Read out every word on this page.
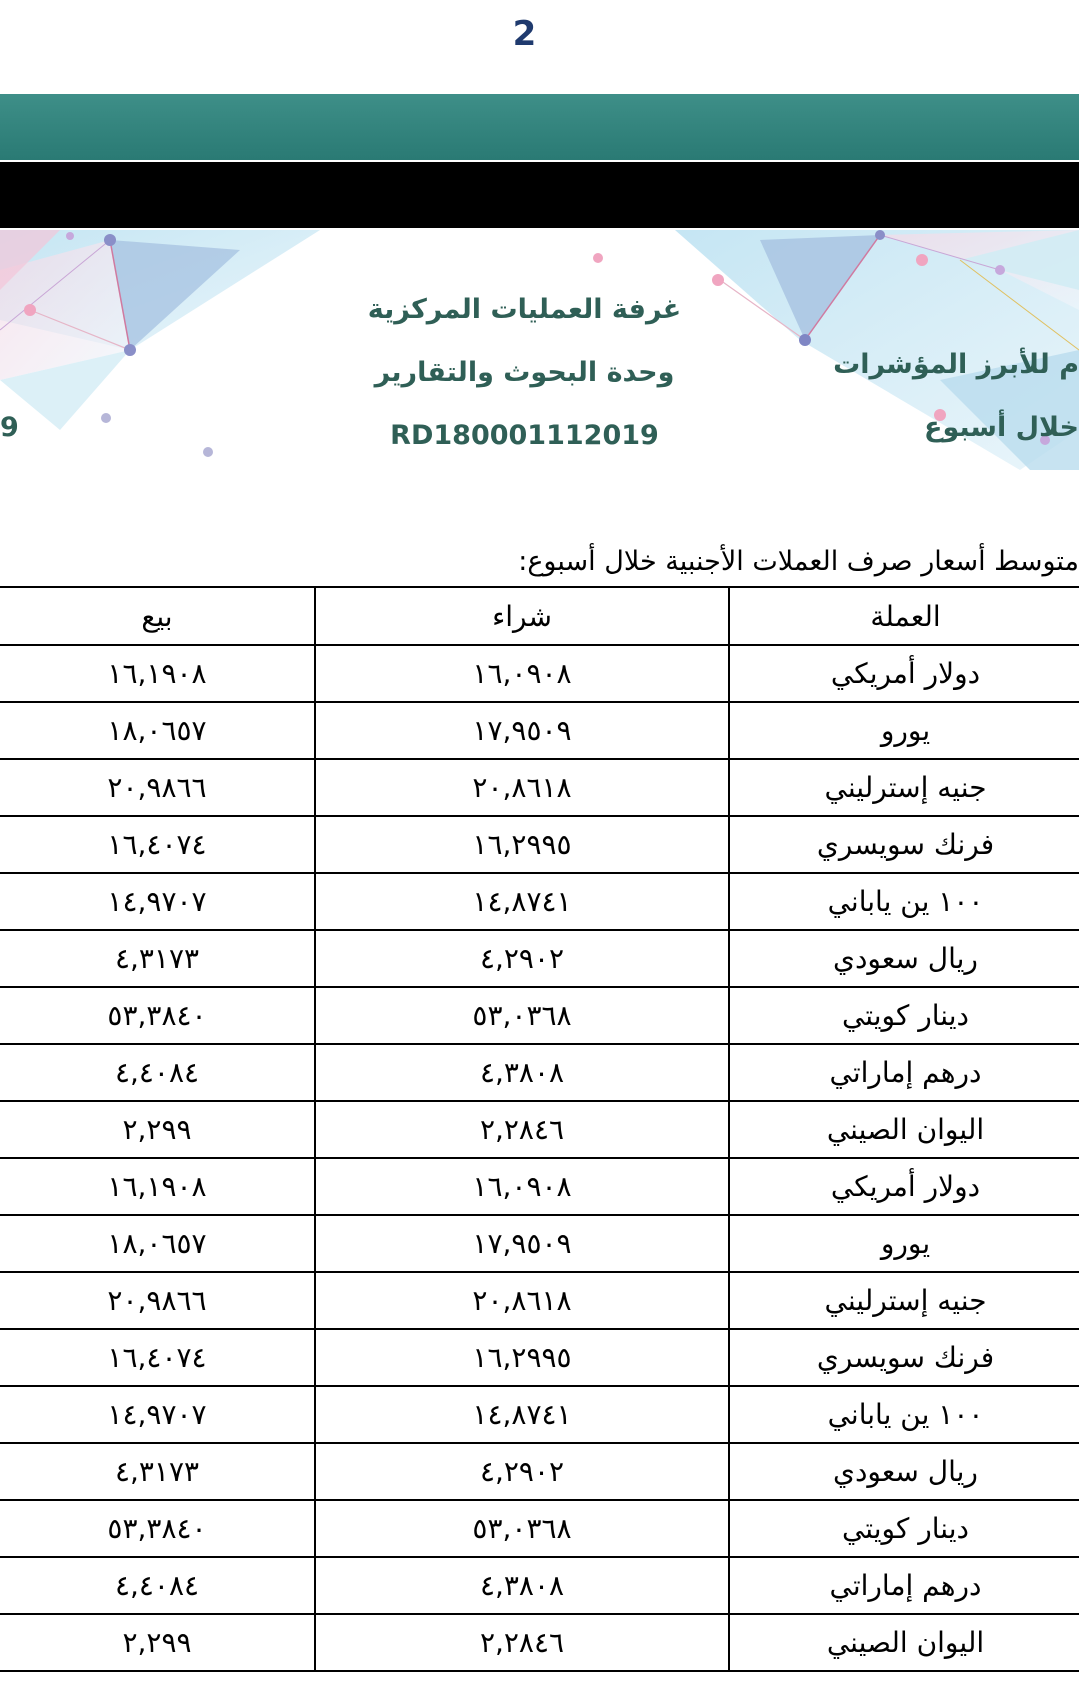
2
غرفة العمليات المركزية
وحدة البحوث والتقارير
RD180001112019
م للأبرز المؤشرات
خلال أسبوع
9
متوسط أسعار صرف العملات الأجنبية خلال أسبوع:
العملة	شراء	بيع
دولار أمريكي	١٦,٠٩٠٨	١٦,١٩٠٨
يورو	١٧,٩٥٠٩	١٨,٠٦٥٧
جنيه إسترليني	٢٠,٨٦١٨	٢٠,٩٨٦٦
فرنك سويسري	١٦,٢٩٩٥	١٦,٤٠٧٤
١٠٠ ين ياباني	١٤,٨٧٤١	١٤,٩٧٠٧
ريال سعودي	٤,٢٩٠٢	٤,٣١٧٣
دينار كويتي	٥٣,٠٣٦٨	٥٣,٣٨٤٠
درهم إماراتي	٤,٣٨٠٨	٤,٤٠٨٤
اليوان الصيني	٢,٢٨٤٦	٢,٢٩٩
دولار أمريكي	١٦,٠٩٠٨	١٦,١٩٠٨
يورو	١٧,٩٥٠٩	١٨,٠٦٥٧
جنيه إسترليني	٢٠,٨٦١٨	٢٠,٩٨٦٦
فرنك سويسري	١٦,٢٩٩٥	١٦,٤٠٧٤
١٠٠ ين ياباني	١٤,٨٧٤١	١٤,٩٧٠٧
ريال سعودي	٤,٢٩٠٢	٤,٣١٧٣
دينار كويتي	٥٣,٠٣٦٨	٥٣,٣٨٤٠
درهم إماراتي	٤,٣٨٠٨	٤,٤٠٨٤
اليوان الصيني	٢,٢٨٤٦	٢,٢٩٩
